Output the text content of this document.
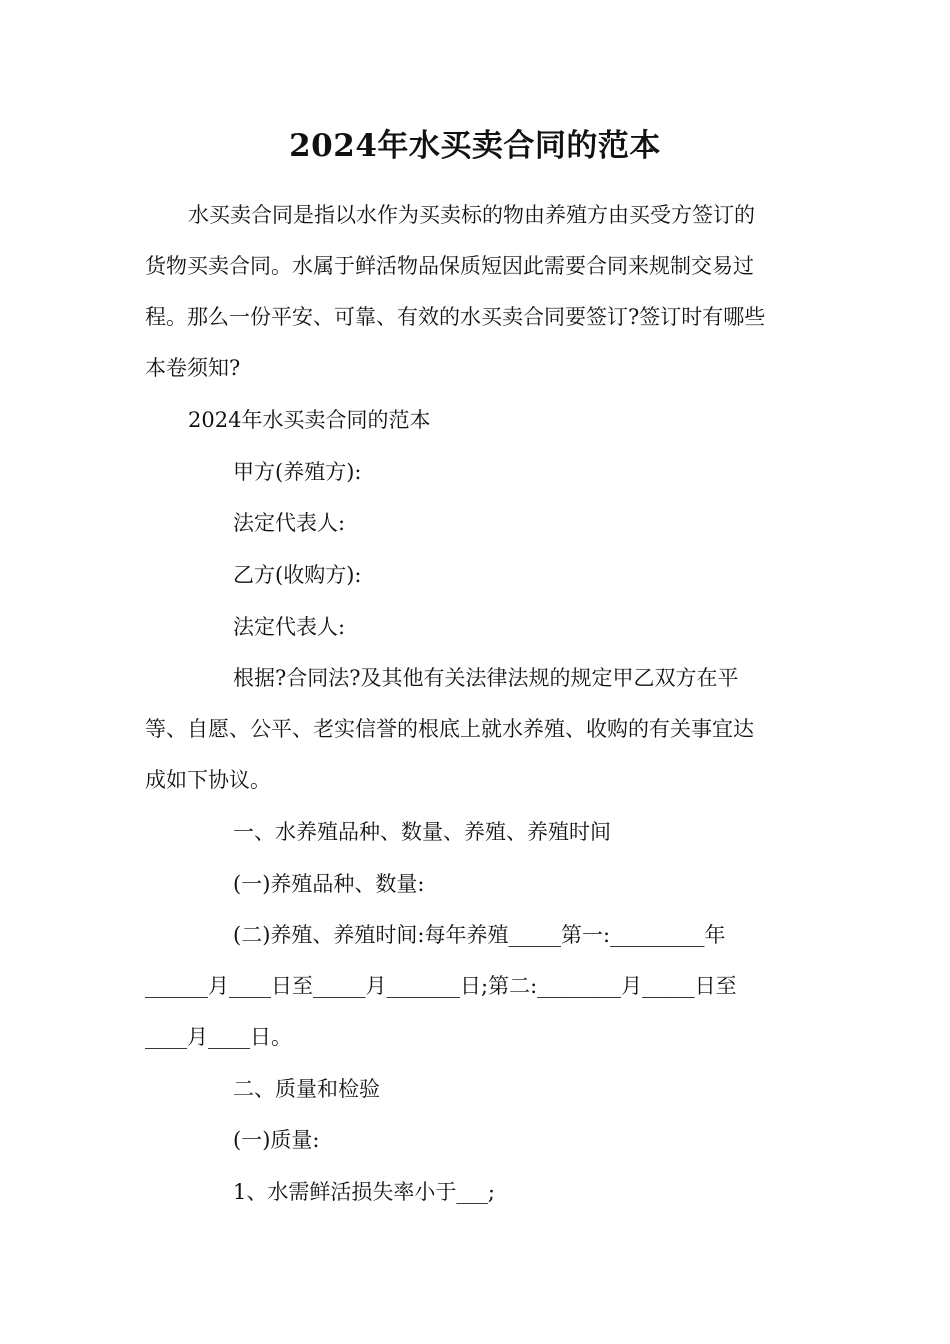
2024年水买卖合同的范本

水买卖合同是指以水作为买卖标的物由养殖方由买受方签订的

货物买卖合同。水属于鲜活物品保质短因此需要合同来规制交易过

程。那么一份平安、可靠、有效的水买卖合同要签订?签订时有哪些

本卷须知?

2024年水买卖合同的范本

甲方(养殖方):

法定代表人:

乙方(收购方):

法定代表人:

根据?合同法?及其他有关法律法规的规定甲乙双方在平

等、自愿、公平、老实信誉的根底上就水养殖、收购的有关事宜达

成如下协议。

一、水养殖品种、数量、养殖、养殖时间

(一)养殖品种、数量:

(二)养殖、养殖时间:每年养殖_____第一:_________年

______月____日至_____月_______日;第二:________月_____日至

____月____日。

二、质量和检验

(一)质量:

1、水需鲜活损失率小于___;
